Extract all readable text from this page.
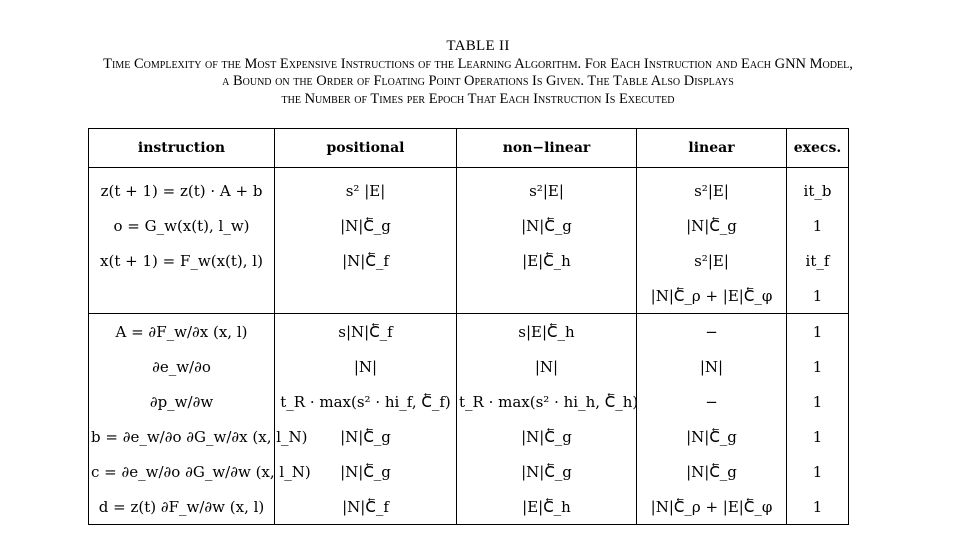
TABLE II
Time Complexity of the Most Expensive Instructions of the Learning Algorithm. For Each Instruction and Each GNN Model,
a Bound on the Order of Floating Point Operations Is Given. The Table Also Displays
the Number of Times per Epoch That Each Instruction Is Executed
instruction	positional	non−linear	linear	execs.

z(t + 1) = z(t) · A + b	s² |E|	s²|E|	s²|E|	it_b
o = G_w(x(t), l_w)	|N|C⃖_g	|N|C⃖_g	|N|C⃖_g	1
x(t + 1) = F_w(x(t), l)	|N|C⃖_f	|E|C⃖_h	s²|E|	it_f
			|N|C⃖_ρ + |E|C⃖_φ	1
A = ∂F_w/∂x (x, l)	s|N|C⃖_f	s|E|C⃖_h	−	1
∂e_w/∂o	|N|	|N|	|N|	1
∂p_w/∂w	t_R · max(s² · hi_f, C⃖_f)	t_R · max(s² · hi_h, C⃖_h)	−	1
b = ∂e_w/∂o ∂G_w/∂x (x, l_N)	|N|C⃖_g	|N|C⃖_g	|N|C⃖_g	1
c = ∂e_w/∂o ∂G_w/∂w (x, l_N)	|N|C⃖_g	|N|C⃖_g	|N|C⃖_g	1
d = z(t) ∂F_w/∂w (x, l)	|N|C⃖_f	|E|C⃖_h	|N|C⃖_ρ + |E|C⃖_φ	1
